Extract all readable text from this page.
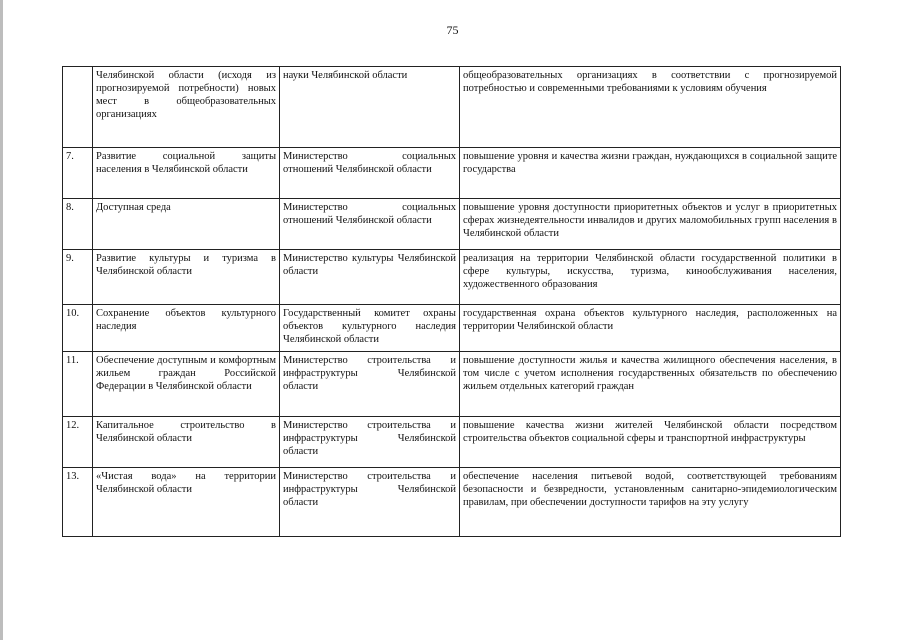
75
	Челябинской области (исходя из прогнозируемой потребности) новых мест в общеобразовательных организациях	науки Челябинской области	общеобразовательных организациях в соответствии с прогнозируемой потребностью и современными требованиями к условиям обучения
7.	Развитие социальной защиты населения в Челябинской области	Министерство социальных отношений Челябинской области	повышение уровня и качества жизни граждан, нуждающихся в социальной защите государства
8.	Доступная среда	Министерство социальных отношений Челябинской области	повышение уровня доступности приоритетных объектов и услуг в приоритетных сферах жизнедеятельности инвалидов и других маломобильных групп населения в Челябинской области
9.	Развитие культуры и туризма в Челябинской области	Министерство культуры Челябинской области	реализация на территории Челябинской области государственной политики в сфере культуры, искусства, туризма, кинообслуживания населения, художественного образования
10.	Сохранение объектов культурного наследия	Государственный комитет охраны объектов культурного наследия Челябинской области	государственная охрана объектов культурного наследия, расположенных на территории Челябинской области
11.	Обеспечение доступным и комфортным жильем граждан Российской Федерации в Челябинской области	Министерство строительства и инфраструктуры Челябинской области	повышение доступности жилья и качества жилищного обеспечения населения, в том числе с учетом исполнения государственных обязательств по обеспечению жильем отдельных категорий граждан
12.	Капитальное строительство в Челябинской области	Министерство строительства и инфраструктуры Челябинской области	повышение качества жизни жителей Челябинской области посредством строительства объектов социальной сферы и транспортной инфраструктуры
13.	«Чистая вода» на территории Челябинской области	Министерство строительства и инфраструктуры Челябинской области	обеспечение населения питьевой водой, соответствующей требованиям безопасности и безвредности, установленным санитарно-эпидемиологическим правилам, при обеспечении доступности тарифов на эту услугу
